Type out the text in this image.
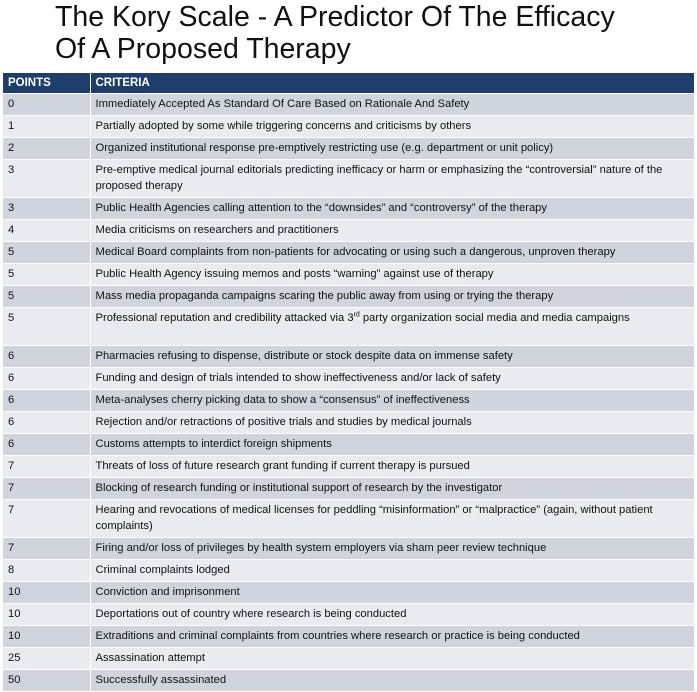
The Kory Scale - A Predictor Of The Efficacy
Of A Proposed Therapy
POINTS	CRITERIA
0	Immediately Accepted As Standard Of Care Based on Rationale And Safety
1	Partially adopted by some while triggering concerns and criticisms by others
2	Organized institutional response pre-emptively restricting use (e.g. department or unit policy)
3	Pre-emptive medical journal editorials predicting inefficacy or harm or emphasizing the “controversial” nature of the proposed therapy
3	Public Health Agencies calling attention to the “downsides” and “controversy” of the therapy
4	Media criticisms on researchers and practitioners
5	Medical Board complaints from non-patients for advocating or using such a dangerous, unproven therapy
5	Public Health Agency issuing memos and posts “warning” against use of therapy
5	Mass media propaganda campaigns scaring the public away from using or trying the therapy
5	Professional reputation and credibility attacked via 3rd party organization social media and media campaigns
6	Pharmacies refusing to dispense, distribute or stock despite data on immense safety
6	Funding and design of trials intended to show ineffectiveness and/or lack of safety
6	Meta-analyses cherry picking data to show a “consensus” of ineffectiveness
6	Rejection and/or retractions of positive trials and studies by medical journals
6	Customs attempts to interdict foreign shipments
7	Threats of loss of future research grant funding if current therapy is pursued
7	Blocking of research funding or institutional support of research by the investigator
7	Hearing and revocations of medical licenses for peddling “misinformation” or “malpractice” (again, without patient complaints)
7	Firing and/or loss of privileges by health system employers via sham peer review technique
8	Criminal complaints lodged
10	Conviction and imprisonment
10	Deportations out of country where research is being conducted
10	Extraditions and criminal complaints from countries where research or practice is being conducted
25	Assassination attempt
50	Successfully assassinated
